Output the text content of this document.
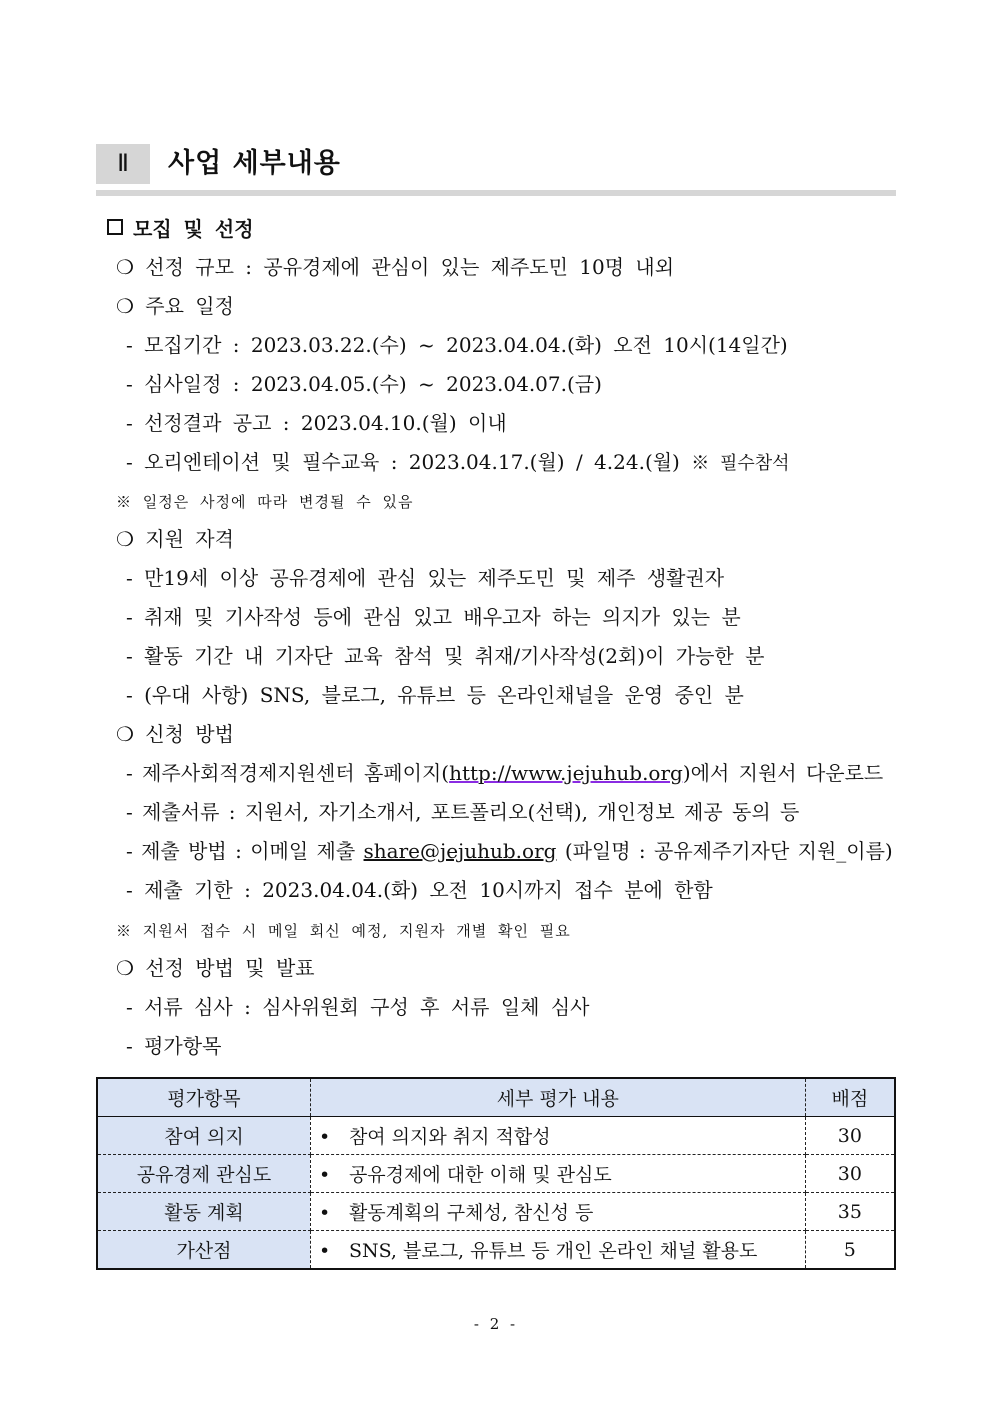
Ⅱ	사업 세부내용
모집 및 선정
❍ 선정 규모 : 공유경제에 관심이 있는 제주도민 10명 내외
❍ 주요 일정
- 모집기간 : 2023.03.22.(수) ~ 2023.04.04.(화) 오전 10시(14일간)
- 심사일정 : 2023.04.05.(수) ~ 2023.04.07.(금)
- 선정결과 공고 : 2023.04.10.(월) 이내
- 오리엔테이션 및 필수교육 : 2023.04.17.(월) / 4.24.(월) ※ 필수참석
※ 일정은 사정에 따라 변경될 수 있음
❍ 지원 자격
- 만19세 이상 공유경제에 관심 있는 제주도민 및 제주 생활권자
- 취재 및 기사작성 등에 관심 있고 배우고자 하는 의지가 있는 분
- 활동 기간 내 기자단 교육 참석 및 취재/기사작성(2회)이 가능한 분
- (우대 사항) SNS, 블로그, 유튜브 등 온라인채널을 운영 중인 분
❍ 신청 방법
- 제주사회적경제지원센터 홈페이지(http://www.jejuhub.org)에서 지원서 다운로드
- 제출서류 : 지원서, 자기소개서, 포트폴리오(선택), 개인정보 제공 동의 등
- 제출 방법 : 이메일 제출 share@jejuhub.org (파일명 : 공유제주기자단 지원_이름)
- 제출 기한 : 2023.04.04.(화) 오전 10시까지 접수 분에 한함
※ 지원서 접수 시 메일 회신 예정, 지원자 개별 확인 필요
❍ 선정 방법 및 발표
- 서류 심사 : 심사위원회 구성 후 서류 일체 심사
- 평가항목
평가항목	세부 평가 내용	배점
참여 의지	• 참여 의지와 취지 적합성	30
공유경제 관심도	• 공유경제에 대한 이해 및 관심도	30
활동 계획	• 활동계획의 구체성, 참신성 등	35
가산점	• SNS, 블로그, 유튜브 등 개인 온라인 채널 활용도	5
- 2 -
